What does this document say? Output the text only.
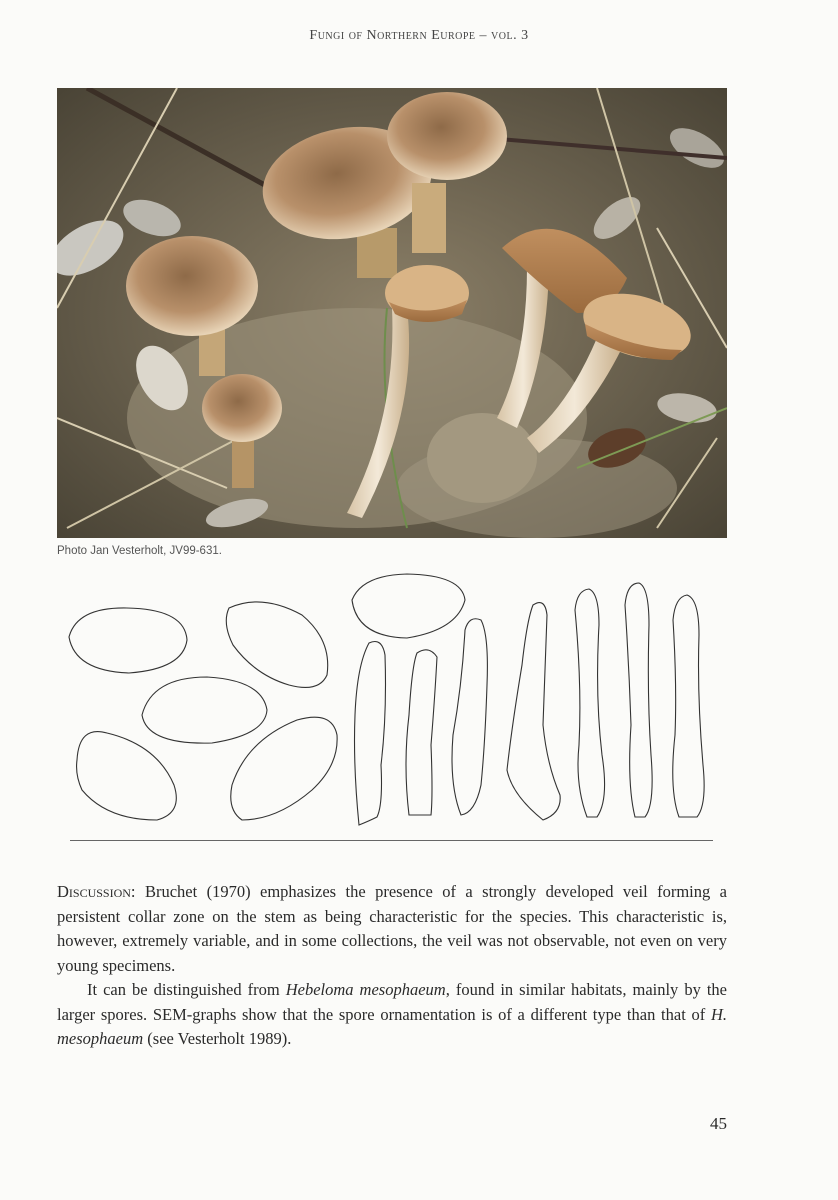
Fungi of Northern Europe – vol. 3
Photo Jan Vesterholt, JV99-631.

Discussion: Bruchet (1970) emphasizes the presence of a strongly developed veil forming a persistent collar zone on the stem as being characteristic for the species. This characteristic is, however, extremely variable, and in some collections, the veil was not observable, not even on very young specimens.

It can be distinguished from Hebeloma mesophaeum, found in similar habitats, mainly by the larger spores. SEM-graphs show that the spore ornamentation is of a different type than that of H. mesophaeum (see Vesterholt 1989).

45
